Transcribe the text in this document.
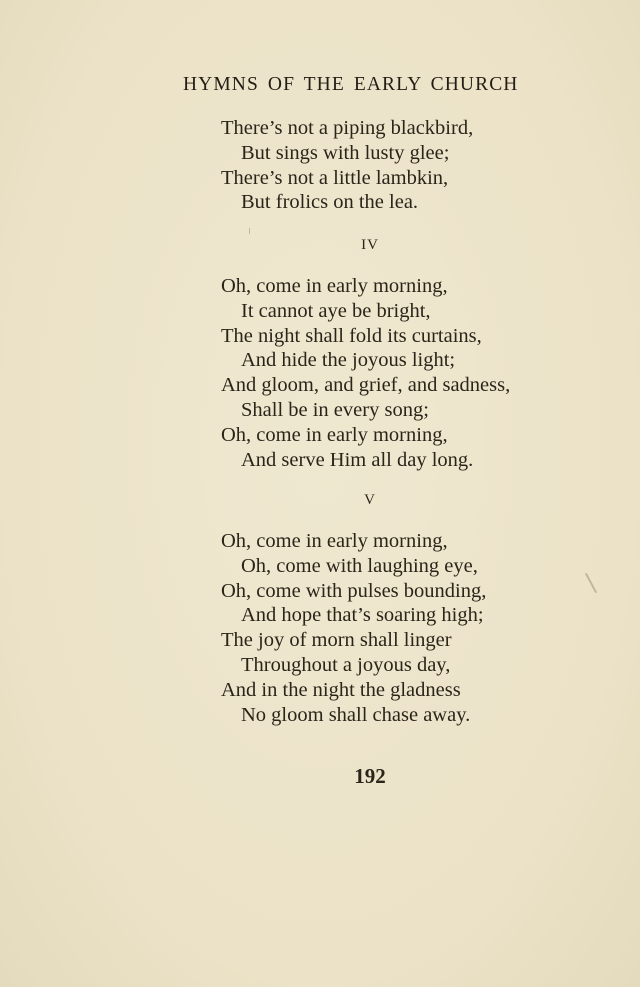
HYMNS OF THE EARLY CHURCH
There’s not a piping blackbird,
But sings with lusty glee;
There’s not a little lambkin,
But frolics on the lea.
IV
Oh, come in early morning,
It cannot aye be bright,
The night shall fold its curtains,
And hide the joyous light;
And gloom, and grief, and sadness,
Shall be in every song;
Oh, come in early morning,
And serve Him all day long.
V
Oh, come in early morning,
Oh, come with laughing eye,
Oh, come with pulses bounding,
And hope that’s soaring high;
The joy of morn shall linger
Throughout a joyous day,
And in the night the gladness
No gloom shall chase away.
192
